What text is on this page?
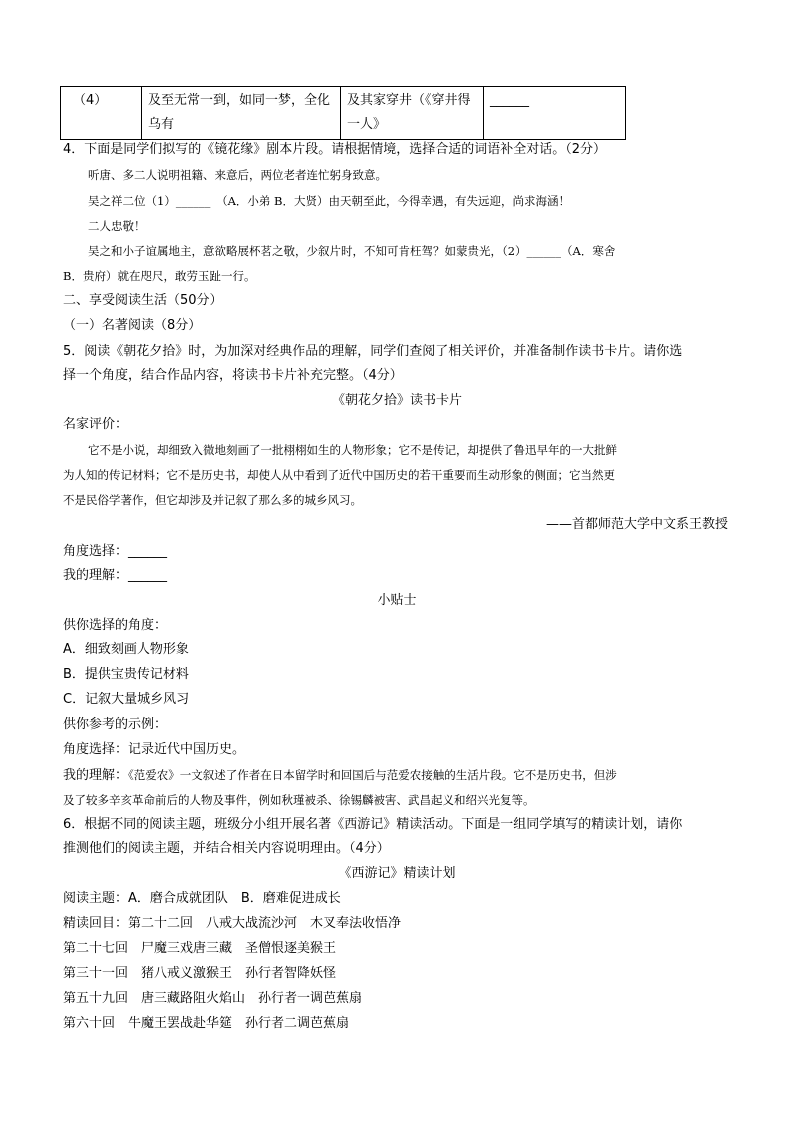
（4）	及至无常一到，如同一梦，全化乌有	及其家穿井（《穿井得一人》	______
4．下面是同学们拟写的《镜花缘》剧本片段。请根据情境，选择合适的词语补全对话。（2分）
听唐、多二人说明祖籍、来意后，两位老者连忙躬身致意。
吴之祥二位（1）______　（A．小弟 B．大贤）由天朝至此，今得幸遇，有失远迎，尚求海涵！
二人忠敬！
吴之和小子谊属地主，意欲略展杯茗之敬，少叙片时，不知可肯枉驾？如蒙贵光，（2）______（A．寒舍
B．贵府）就在咫尺，敢劳玉趾一行。
二、享受阅读生活（50分）
（一）名著阅读（8分）
5．阅读《朝花夕拾》时，为加深对经典作品的理解，同学们查阅了相关评价，并准备制作读书卡片。请你选
择一个角度，结合作品内容，将读书卡片补充完整。（4分）
《朝花夕拾》读书卡片
名家评价：
它不是小说，却细致入微地刻画了一批栩栩如生的人物形象；它不是传记，却提供了鲁迅早年的一大批鲜
为人知的传记材料；它不是历史书，却使人从中看到了近代中国历史的若干重要而生动形象的侧面；它当然更
不是民俗学著作，但它却涉及并记叙了那么多的城乡风习。
——首都师范大学中文系王教授
角度选择：______
我的理解：______
小贴士
供你选择的角度：
A．细致刻画人物形象
B．提供宝贵传记材料
C．记叙大量城乡风习
供你参考的示例：
角度选择：记录近代中国历史。
我的理解：《范爱农》一文叙述了作者在日本留学时和回国后与范爱农接触的生活片段。它不是历史书，但涉
及了较多辛亥革命前后的人物及事件，例如秋瑾被杀、徐锡麟被害、武昌起义和绍兴光复等。
6．根据不同的阅读主题，班级分小组开展名著《西游记》精读活动。下面是一组同学填写的精读计划，请你
推测他们的阅读主题，并结合相关内容说明理由。（4分）
《西游记》精读计划
阅读主题：A．磨合成就团队　B．磨难促进成长
精读回目：第二十二回　八戒大战流沙河　木叉奉法收悟净
第二十七回　尸魔三戏唐三藏　圣僧恨逐美猴王
第三十一回　猪八戒义激猴王　孙行者智降妖怪
第五十九回　唐三藏路阻火焰山　孙行者一调芭蕉扇
第六十回　牛魔王罢战赴华筵　孙行者二调芭蕉扇
